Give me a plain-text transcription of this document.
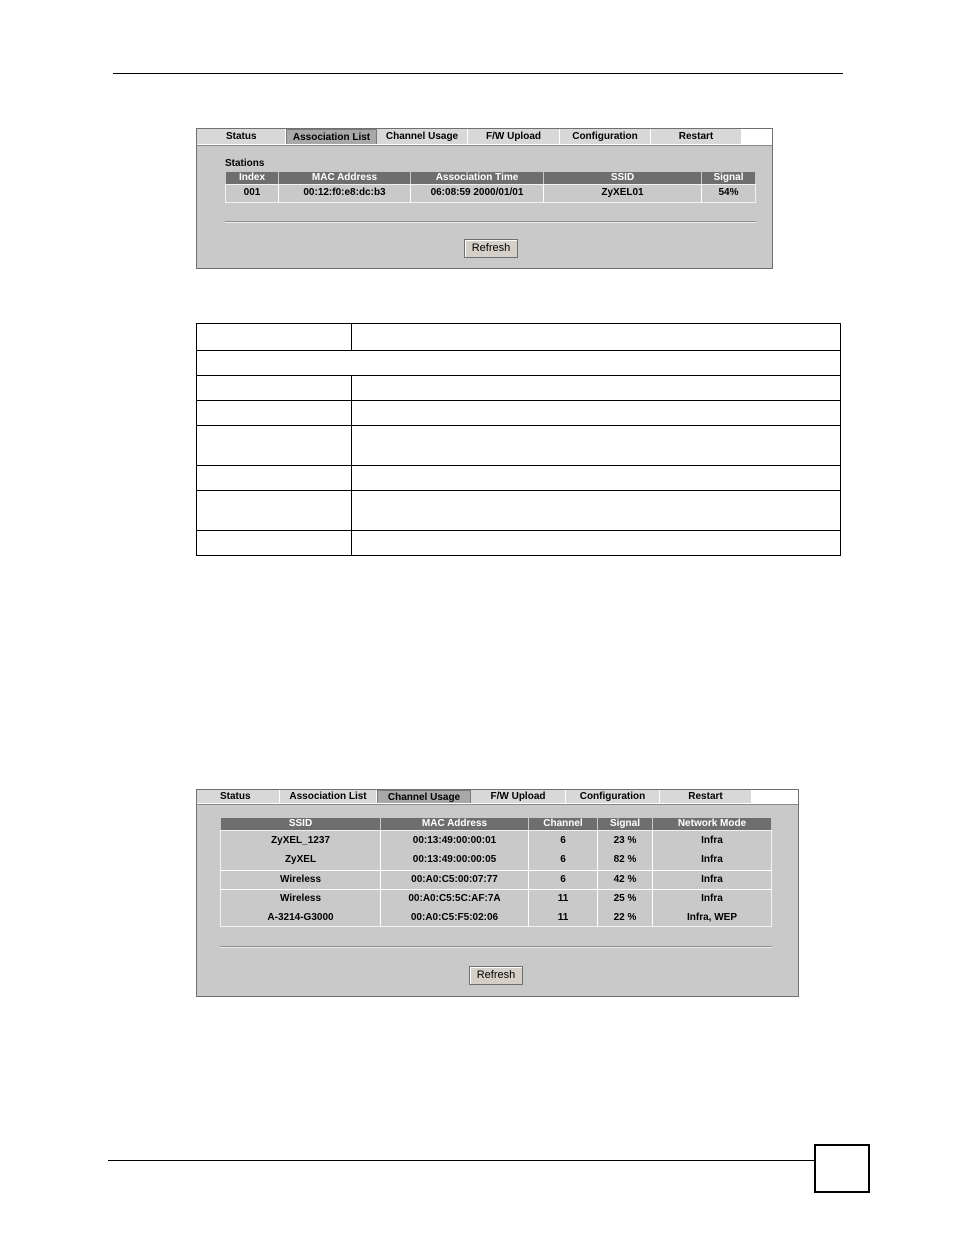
Status	Association List	Channel Usage	F/W Upload	Configuration	Restart
Stations
Index	MAC Address	Association Time	SSID	Signal
001	00:12:f0:e8:dc:b3	06:08:59 2000/01/01	ZyXEL01	54%
Refresh

Status	Association List	Channel Usage	F/W Upload	Configuration	Restart
SSID	MAC Address	Channel	Signal	Network Mode
ZyXEL_1237	00:13:49:00:00:01	6	23 %	Infra
ZyXEL	00:13:49:00:00:05	6	82 %	Infra
Wireless	00:A0:C5:00:07:77	6	42 %	Infra
Wireless	00:A0:C5:5C:AF:7A	11	25 %	Infra
A-3214-G3000	00:A0:C5:F5:02:06	11	22 %	Infra, WEP
Refresh
